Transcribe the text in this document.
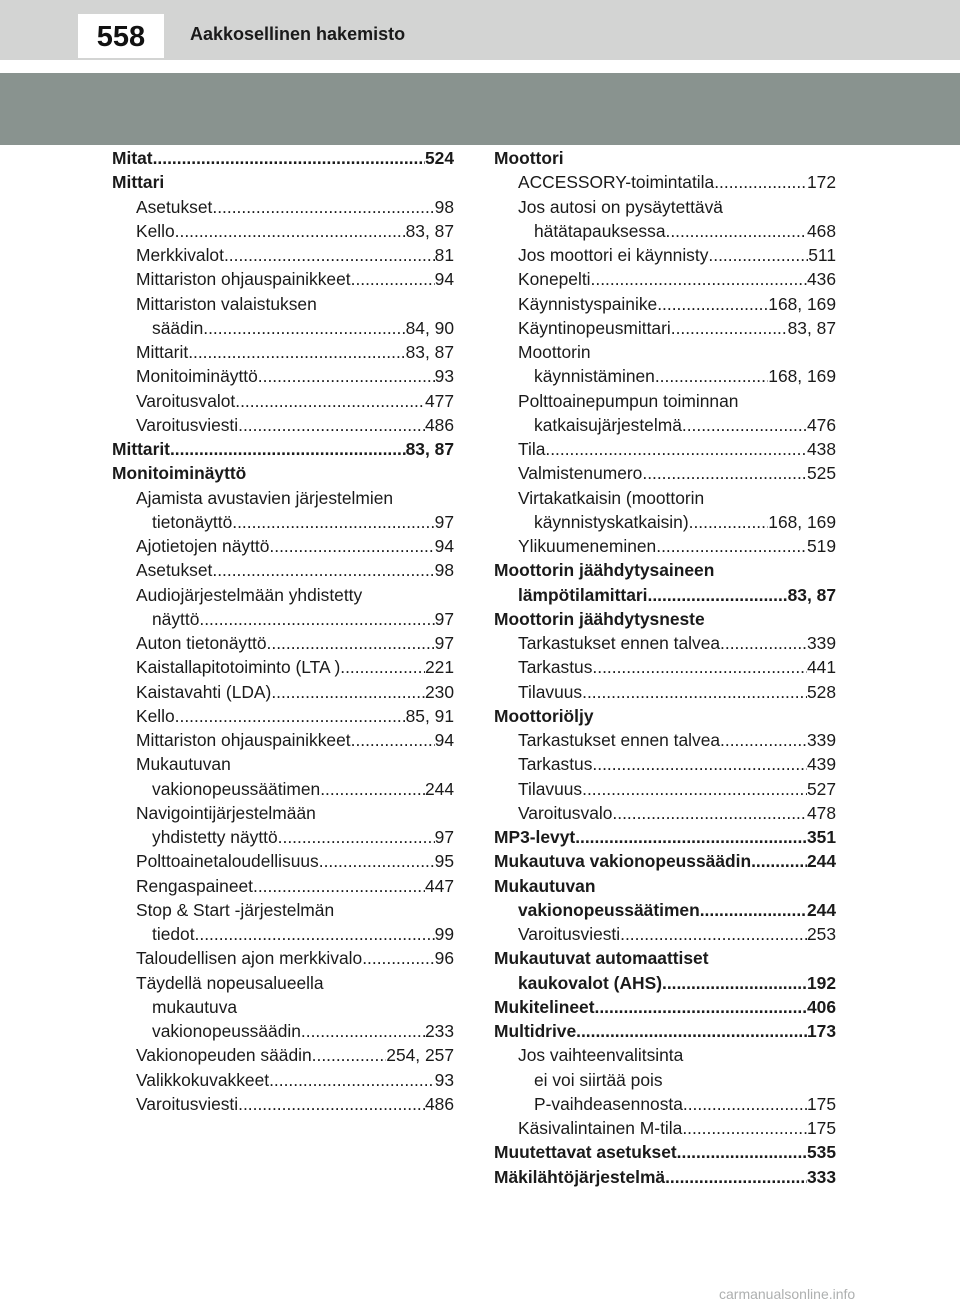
558	Aakkosellinen hakemisto
Mitat .....	524
Mittari
Asetukset .....	98
Kello .....	83, 87
Merkkivalot .....	81
Mittariston ohjauspainikkeet .....	94
Mittariston valaistuksen
säädin .....	84, 90
Mittarit .....	83, 87
Monitoiminäyttö .....	93
Varoitusvalot .....	477
Varoitusviesti .....	486
Mittarit .....	83, 87
Monitoiminäyttö
Ajamista avustavien järjestelmien
tietonäyttö .....	97
Ajotietojen näyttö .....	94
Asetukset .....	98
Audiojärjestelmään yhdistetty
näyttö .....	97
Auton tietonäyttö .....	97
Kaistallapitotoiminto (LTA ) .....	221
Kaistavahti (LDA) .....	230
Kello .....	85, 91
Mittariston ohjauspainikkeet .....	94
Mukautuvan
vakionopeussäätimen .....	244
Navigointijärjestelmään
yhdistetty näyttö .....	97
Polttoainetaloudellisuus .....	95
Rengaspaineet .....	447
Stop & Start -järjestelmän
tiedot .....	99
Taloudellisen ajon merkkivalo .....	96
Täydellä nopeusalueella
mukautuva
vakionopeussäädin .....	233
Vakionopeuden säädin .....	254, 257
Valikkokuvakkeet .....	93
Varoitusviesti .....	486
Moottori
ACCESSORY-toimintatila .....	172
Jos autosi on pysäytettävä
hätätapauksessa .....	468
Jos moottori ei käynnisty .....	511
Konepelti .....	436
Käynnistyspainike .....	168, 169
Käyntinopeusmittari .....	83, 87
Moottorin
käynnistäminen .....	168, 169
Polttoainepumpun toiminnan
katkaisujärjestelmä .....	476
Tila .....	438
Valmistenumero .....	525
Virtakatkaisin (moottorin
käynnistyskatkaisin) .....	168, 169
Ylikuumeneminen .....	519
Moottorin jäähdytysaineen
lämpötilamittari .....	83, 87
Moottorin jäähdytysneste
Tarkastukset ennen talvea .....	339
Tarkastus .....	441
Tilavuus .....	528
Moottoriöljy
Tarkastukset ennen talvea .....	339
Tarkastus .....	439
Tilavuus .....	527
Varoitusvalo .....	478
MP3-levyt .....	351
Mukautuva vakionopeussäädin .....	244
Mukautuvan
vakionopeussäätimen .....	244
Varoitusviesti .....	253
Mukautuvat automaattiset
kaukovalot (AHS) .....	192
Mukitelineet .....	406
Multidrive .....	173
Jos vaihteenvalitsinta
ei voi siirtää pois
P-vaihdeasennosta .....	175
Käsivalintainen M-tila .....	175
Muutettavat asetukset .....	535
Mäkilähtöjärjestelmä .....	333
carmanualsonline.info
